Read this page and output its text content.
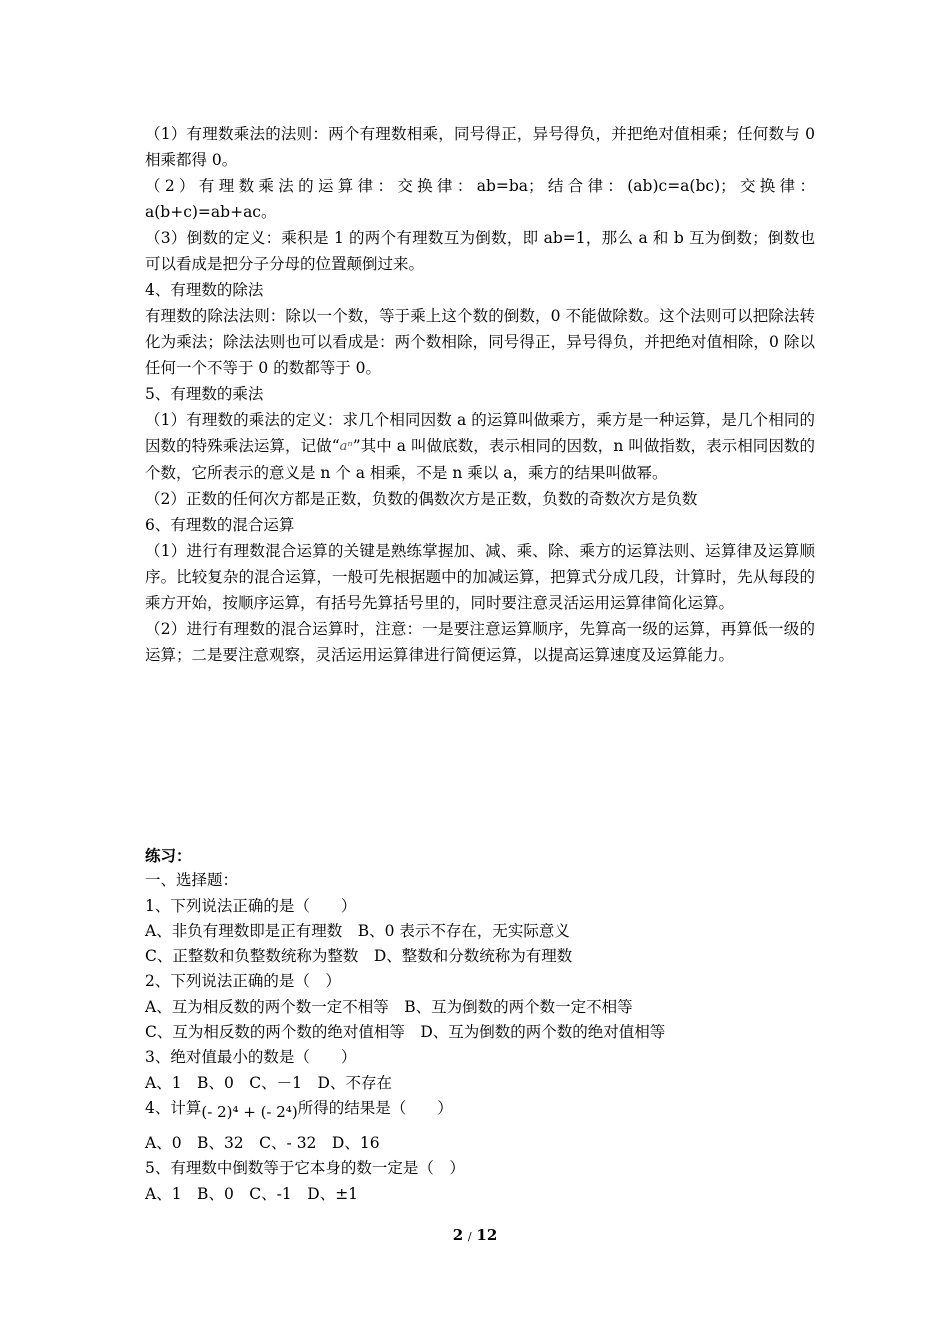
（1）有理数乘法的法则：两个有理数相乘，同号得正，异号得负，并把绝对值相乘；任何数与 0 相乘都得 0。

（2）有理数乘法的运算律：交换律：ab=ba；结合律：(ab)c=a(bc)；交换律：a(b+c)=ab+ac。

（3）倒数的定义：乘积是 1 的两个有理数互为倒数，即 ab=1，那么 a 和 b 互为倒数；倒数也可以看成是把分子分母的位置颠倒过来。

4、有理数的除法

有理数的除法法则：除以一个数，等于乘上这个数的倒数，0 不能做除数。这个法则可以把除法转化为乘法；除法法则也可以看成是：两个数相除，同号得正，异号得负，并把绝对值相除，0 除以任何一个不等于 0 的数都等于 0。

5、有理数的乘法

（1）有理数的乘法的定义：求几个相同因数 a 的运算叫做乘方，乘方是一种运算，是几个相同的因数的特殊乘法运算，记做“aⁿ”其中 a 叫做底数，表示相同的因数，n 叫做指数，表示相同因数的个数，它所表示的意义是 n 个 a 相乘，不是 n 乘以 a，乘方的结果叫做幂。

（2）正数的任何次方都是正数，负数的偶数次方是正数，负数的奇数次方是负数

6、有理数的混合运算

（1）进行有理数混合运算的关键是熟练掌握加、减、乘、除、乘方的运算法则、运算律及运算顺序。比较复杂的混合运算，一般可先根据题中的加减运算，把算式分成几段，计算时，先从每段的乘方开始，按顺序运算，有括号先算括号里的，同时要注意灵活运用运算律简化运算。

（2）进行有理数的混合运算时，注意：一是要注意运算顺序，先算高一级的运算，再算低一级的运算；二是要注意观察，灵活运用运算律进行简便运算，以提高运算速度及运算能力。

练习：

一、选择题：

1、下列说法正确的是（　　）

A、非负有理数即是正有理数　B、0 表示不存在，无实际意义

C、正整数和负整数统称为整数　D、整数和分数统称为有理数

2、下列说法正确的是（　）

A、互为相反数的两个数一定不相等　B、互为倒数的两个数一定不相等

C、互为相反数的两个数的绝对值相等　D、互为倒数的两个数的绝对值相等

3、绝对值最小的数是（　　）

A、1　B、0　C、－1　D、不存在

4、计算(- 2)⁴ + (- 2⁴)所得的结果是（　　）

A、0　B、32　C、- 32　D、16

5、有理数中倒数等于它本身的数一定是（　）

A、1　B、0　C、-1　D、±1

2 / 12
